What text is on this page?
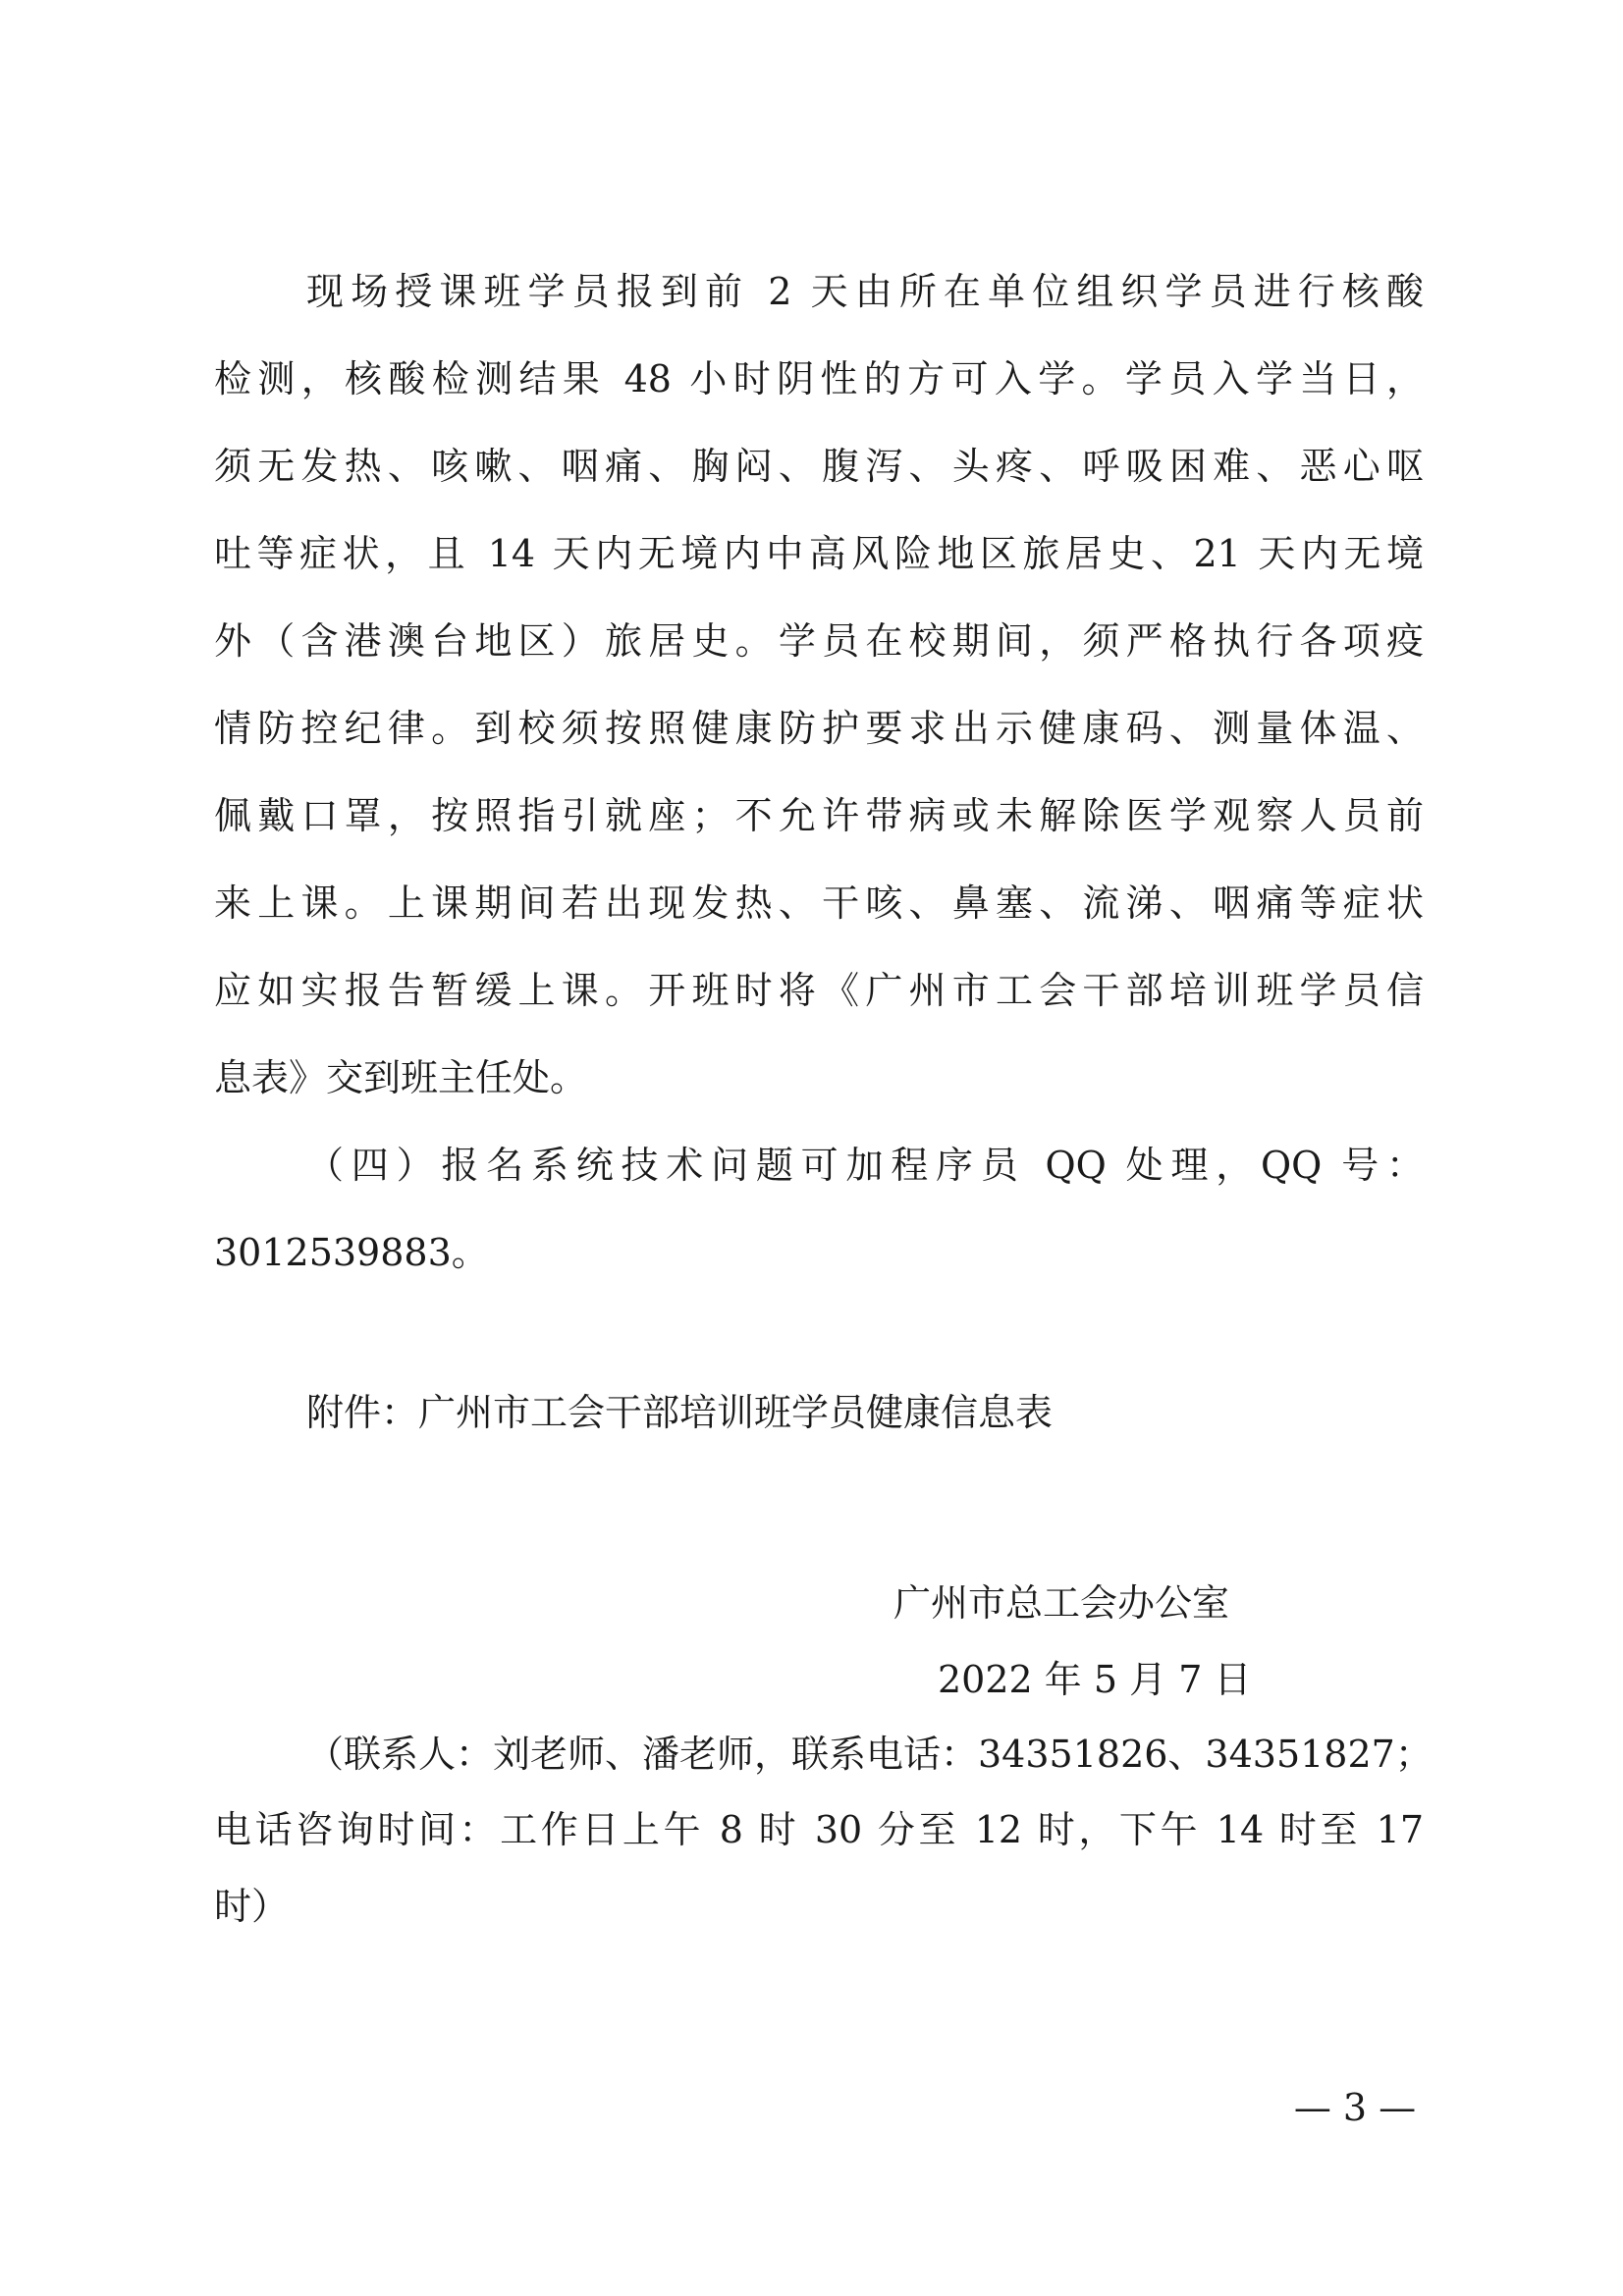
现场授课班学员报到前 2 天由所在单位组织学员进行核酸

检测，核酸检测结果 48 小时阴性的方可入学。学员入学当日，

须无发热、咳嗽、咽痛、胸闷、腹泻、头疼、呼吸困难、恶心呕

吐等症状，且 14 天内无境内中高风险地区旅居史、21 天内无境

外（含港澳台地区）旅居史。学员在校期间，须严格执行各项疫

情防控纪律。到校须按照健康防护要求出示健康码、测量体温、

佩戴口罩，按照指引就座；不允许带病或未解除医学观察人员前

来上课。上课期间若出现发热、干咳、鼻塞、流涕、咽痛等症状

应如实报告暂缓上课。开班时将《广州市工会干部培训班学员信

息表》交到班主任处。

（四）报名系统技术问题可加程序员 QQ 处理，QQ 号：

3012539883。

附件：广州市工会干部培训班学员健康信息表

广州市总工会办公室

2022 年 5 月 7 日

（联系人：刘老师、潘老师，联系电话：34351826、34351827；

电话咨询时间：工作日上午 8 时 30 分至 12 时，下午 14 时至 17

时）

— 3 —
